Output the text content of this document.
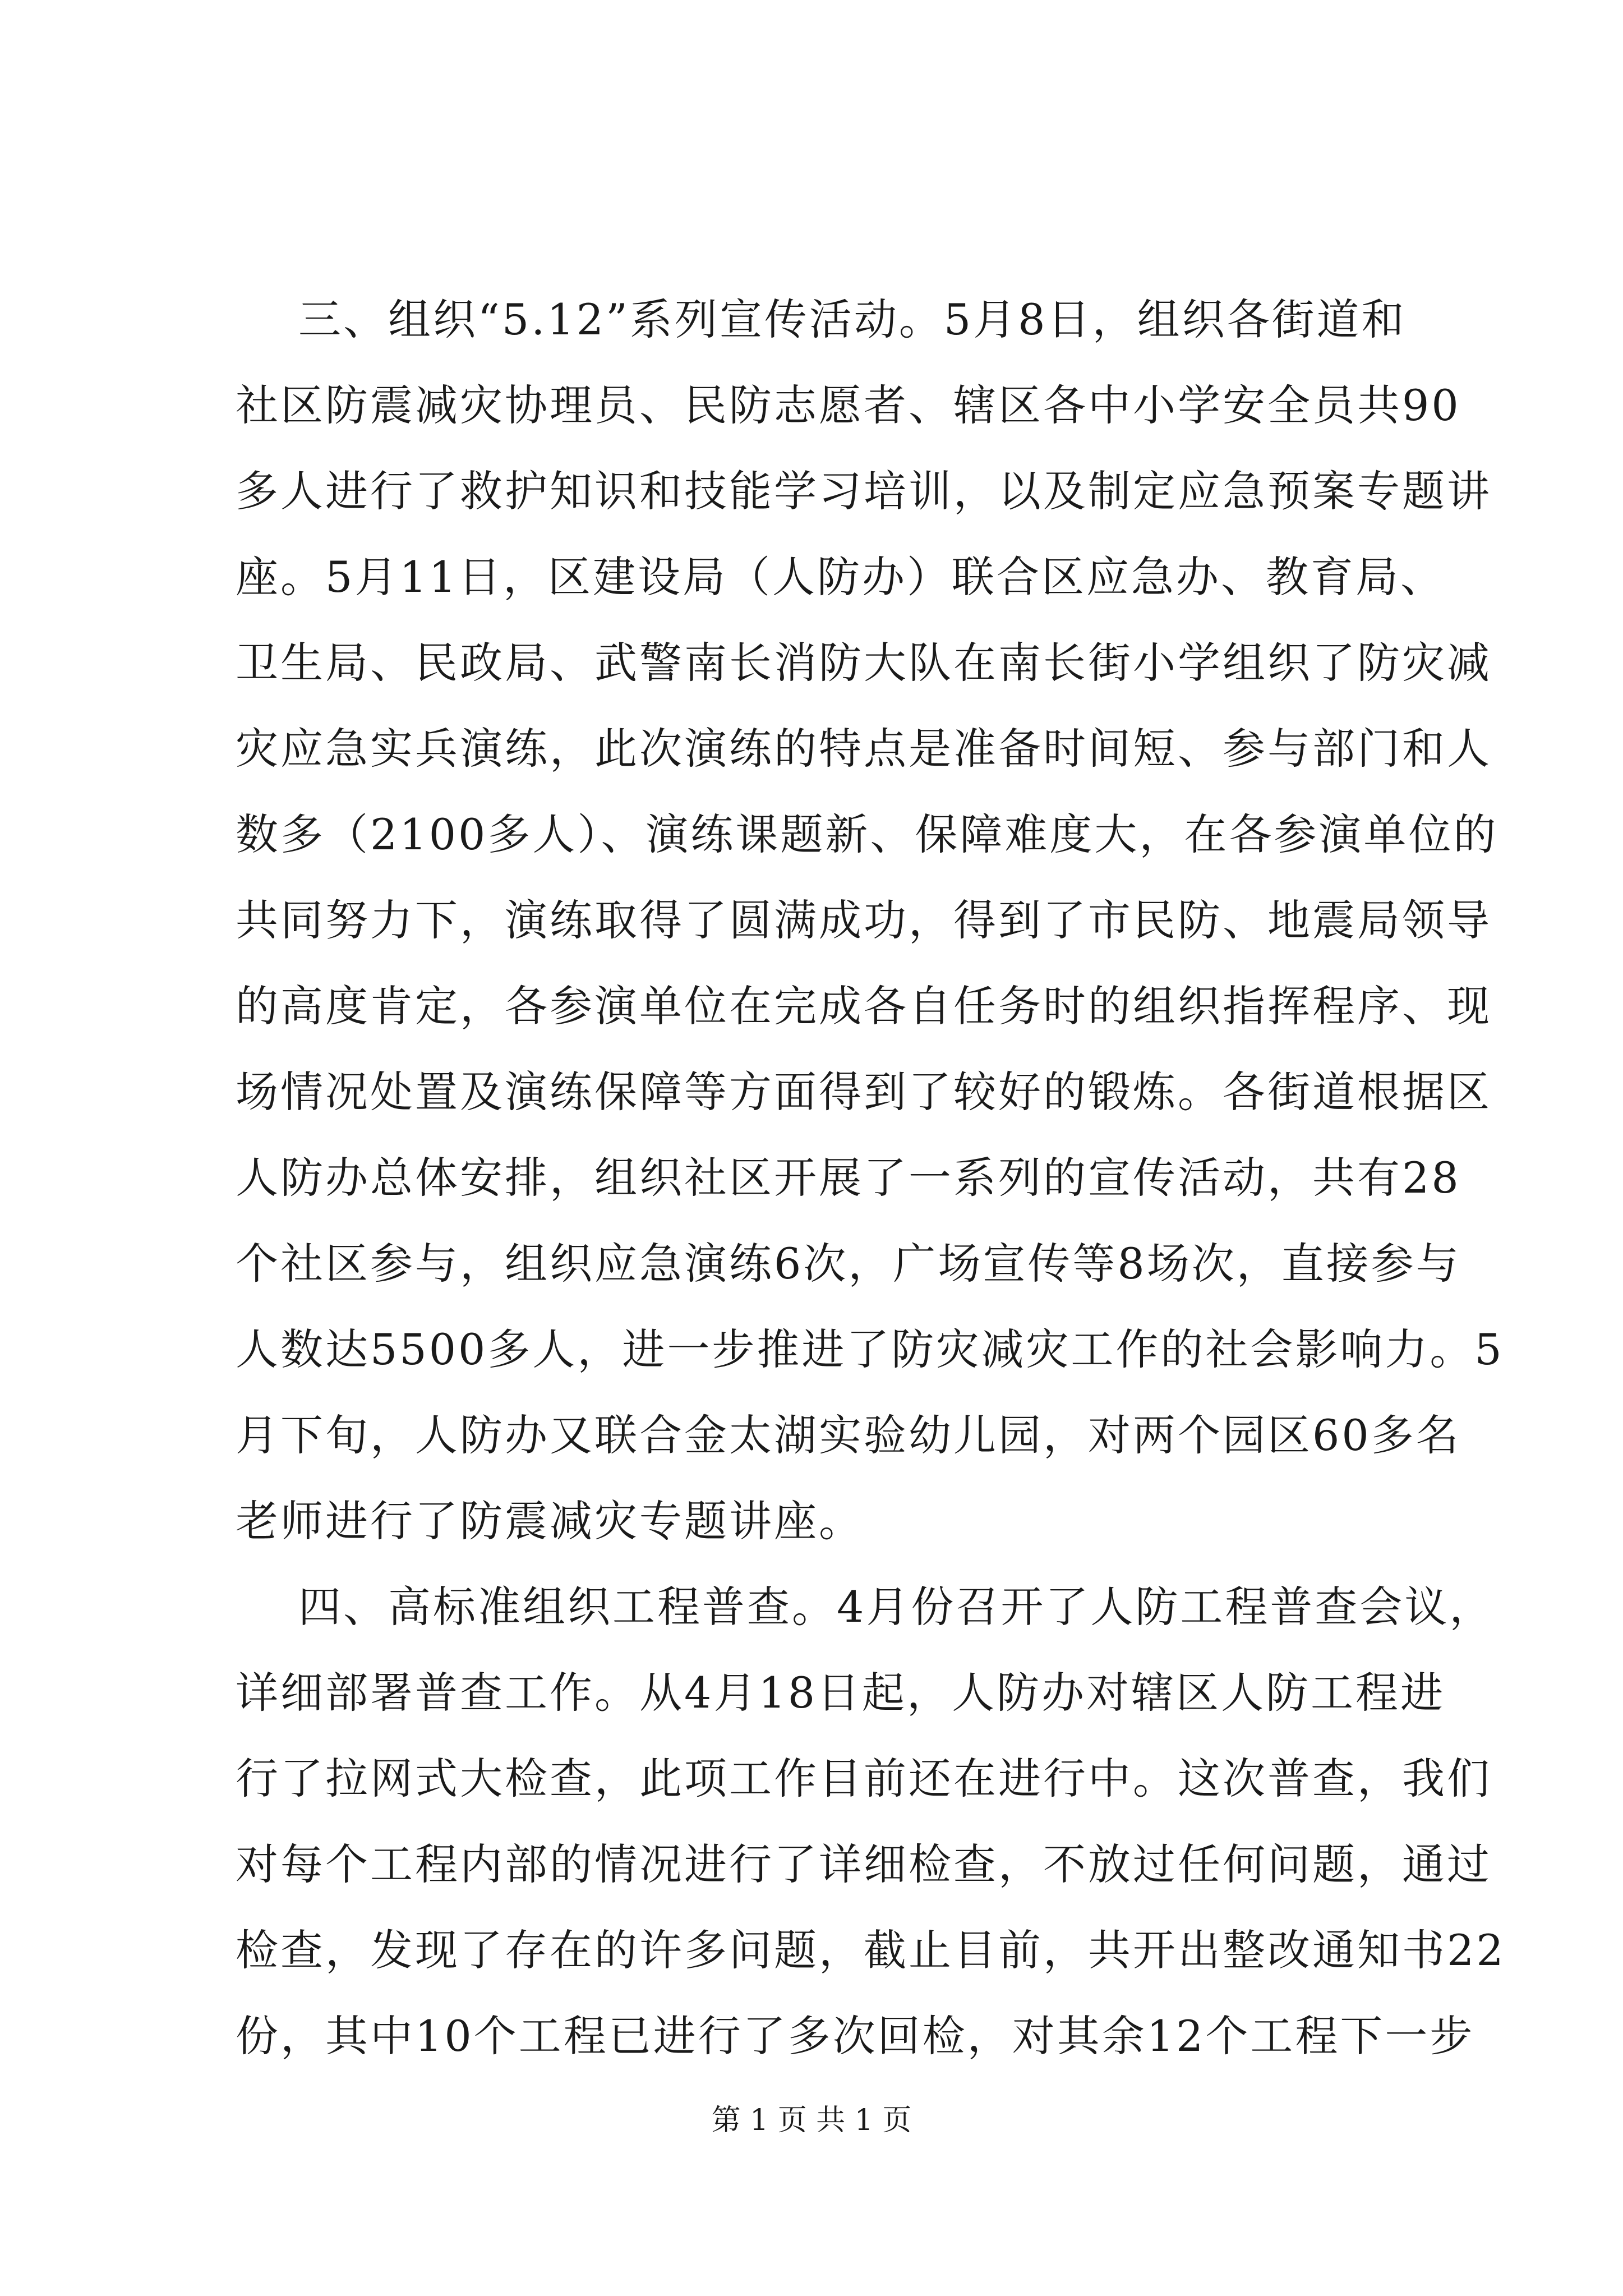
三、组织“5.12”系列宣传活动。5月8日，组织各街道和
社区防震减灾协理员、民防志愿者、辖区各中小学安全员共90
多人进行了救护知识和技能学习培训，以及制定应急预案专题讲
座。5月11日，区建设局（人防办）联合区应急办、教育局、
卫生局、民政局、武警南长消防大队在南长街小学组织了防灾减
灾应急实兵演练，此次演练的特点是准备时间短、参与部门和人
数多（2100多人）、演练课题新、保障难度大，在各参演单位的
共同努力下，演练取得了圆满成功，得到了市民防、地震局领导
的高度肯定，各参演单位在完成各自任务时的组织指挥程序、现
场情况处置及演练保障等方面得到了较好的锻炼。各街道根据区
人防办总体安排，组织社区开展了一系列的宣传活动，共有28
个社区参与，组织应急演练6次，广场宣传等8场次，直接参与
人数达5500多人，进一步推进了防灾减灾工作的社会影响力。5
月下旬，人防办又联合金太湖实验幼儿园，对两个园区60多名
老师进行了防震减灾专题讲座。
四、高标准组织工程普查。4月份召开了人防工程普查会议，
详细部署普查工作。从4月18日起，人防办对辖区人防工程进
行了拉网式大检查，此项工作目前还在进行中。这次普查，我们
对每个工程内部的情况进行了详细检查，不放过任何问题，通过
检查，发现了存在的许多问题，截止目前，共开出整改通知书22
份，其中10个工程已进行了多次回检，对其余12个工程下一步
第 1 页 共 1 页
